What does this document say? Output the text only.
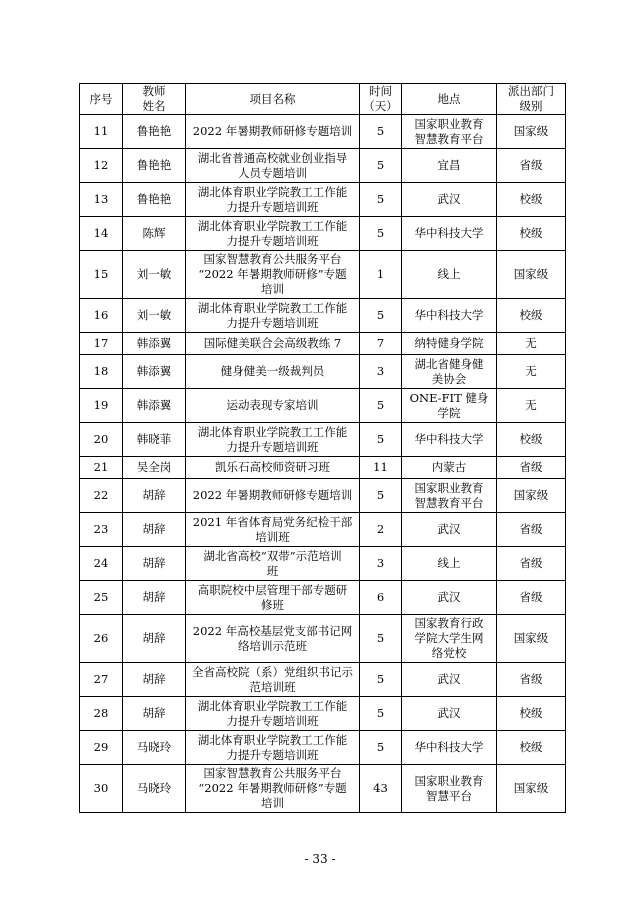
序号	教师
姓名	项目名称	时间
（天）	地点	派出部门
级别
11	鲁艳艳	2022 年暑期教师研修专题培训	5	国家职业教育
智慧教育平台	国家级
12	鲁艳艳	湖北省普通高校就业创业指导
人员专题培训	5	宜昌	省级
13	鲁艳艳	湖北体育职业学院教工工作能
力提升专题培训班	5	武汉	校级
14	陈辉	湖北体育职业学院教工工作能
力提升专题培训班	5	华中科技大学	校级
15	刘一敏	国家智慧教育公共服务平台
“2022 年暑期教师研修”专题
培训	1	线上	国家级
16	刘一敏	湖北体育职业学院教工工作能
力提升专题培训班	5	华中科技大学	校级
17	韩添翼	国际健美联合会高级教练 7	7	纳特健身学院	无
18	韩添翼	健身健美一级裁判员	3	湖北省健身健
美协会	无
19	韩添翼	运动表现专家培训	5	ONE-FIT 健身
学院	无
20	韩晓菲	湖北体育职业学院教工工作能
力提升专题培训班	5	华中科技大学	校级
21	吴全岗	凯乐石高校师资研习班	11	内蒙古	省级
22	胡辞	2022 年暑期教师研修专题培训	5	国家职业教育
智慧教育平台	国家级
23	胡辞	2021 年省体育局党务纪检干部
培训班	2	武汉	省级
24	胡辞	湖北省高校“双带”示范培训
班	3	线上	省级
25	胡辞	高职院校中层管理干部专题研
修班	6	武汉	省级
26	胡辞	2022 年高校基层党支部书记网
络培训示范班	5	国家教育行政
学院大学生网
络党校	国家级
27	胡辞	全省高校院（系）党组织书记示
范培训班	5	武汉	省级
28	胡辞	湖北体育职业学院教工工作能
力提升专题培训班	5	武汉	校级
29	马晓玲	湖北体育职业学院教工工作能
力提升专题培训班	5	华中科技大学	校级
30	马晓玲	国家智慧教育公共服务平台
“2022 年暑期教师研修”专题
培训	43	国家职业教育
智慧平台	国家级
- 33 -
